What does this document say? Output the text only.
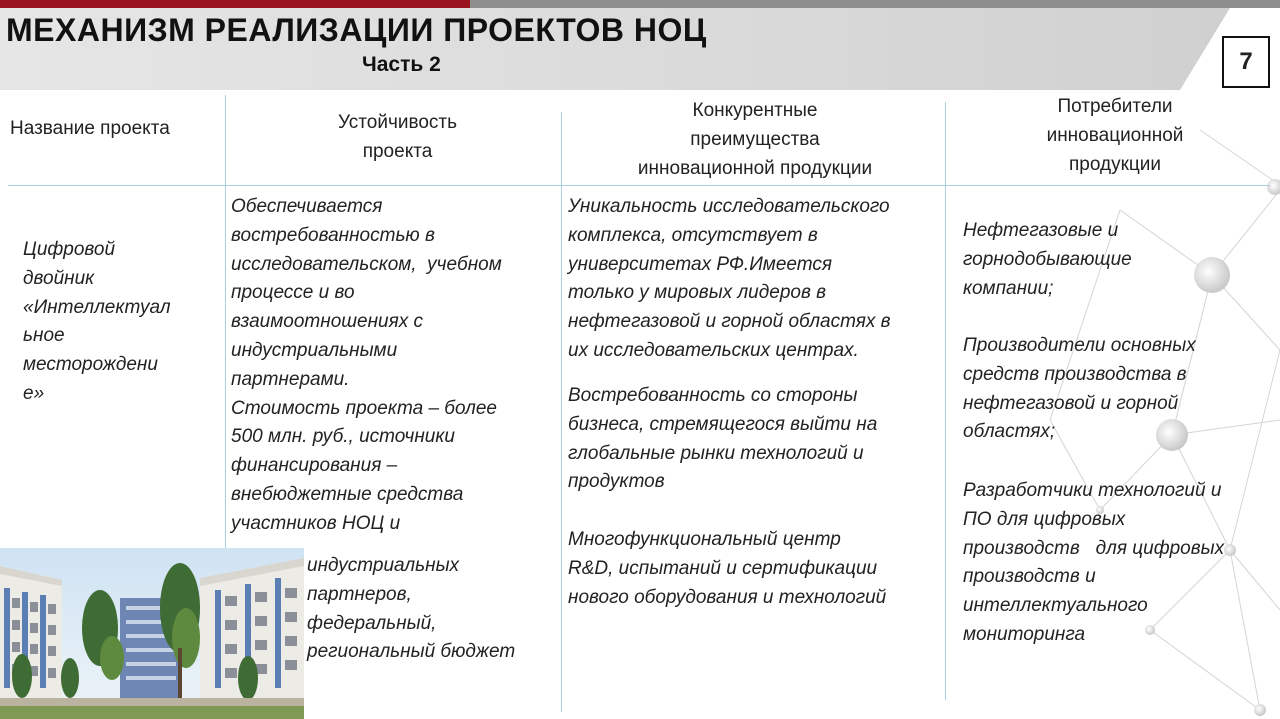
МЕХАНИЗМ РЕАЛИЗАЦИИ ПРОЕКТОВ НОЦ
Часть 2	7
Название проекта	Устойчивость
проекта
Конкурентные
преимущества
инновационной продукции
Потребители
инновационной
продукции
Цифровой
двойник
«Интеллектуал
ьное
месторождени
е»
Обеспечивается
востребованностью в
исследовательском,  учебном
процессе и во
взаимоотношениях с
индустриальными
партнерами.
Стоимость проекта – более
500 млн. руб., источники
финансирования –
внебюджетные средства
участников НОЦ и
индустриальных
партнеров,
федеральный,
региональный бюджет
Уникальность исследовательского
комплекса, отсутствует в
университетах РФ.Имеется
только у мировых лидеров в
нефтегазовой и горной областях в
их исследовательских центрах.
Востребованность со стороны
бизнеса, стремящегося выйти на
глобальные рынки технологий и
продуктов
Многофункциональный центр
R&D, испытаний и сертификации
нового оборудования и технологий
Нефтегазовые и
горнодобывающие
компании;
Производители основных
средств производства в
нефтегазовой и горной
областях;
Разработчики технологий и
ПО для цифровых
производств   для цифровых
производств и
интеллектуального
мониторинга
